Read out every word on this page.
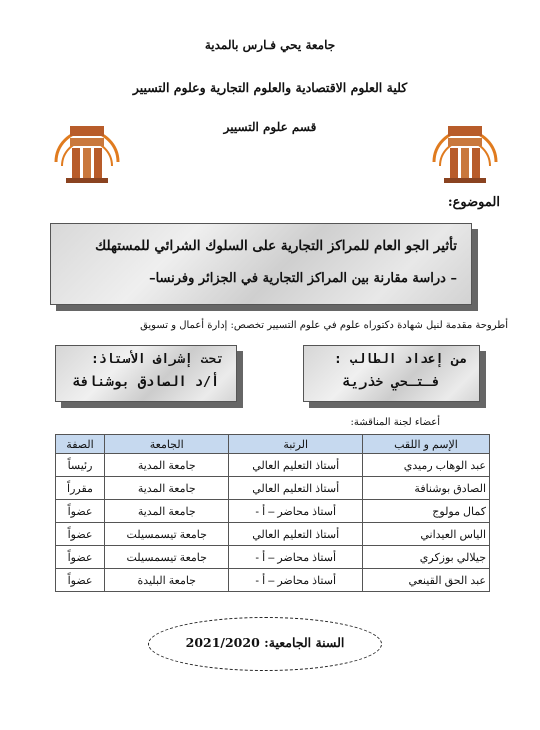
جامعة يحي فـارس بالمدية
كلية العلوم الاقتصادية والعلوم التجارية وعلوم التسيير
قسم علوم التسيير
الموضوع:
تأثير الجو العام للمراكز التجارية على السلوك الشرائي للمستهلك
– دراسة مقارنة بين المراكز التجارية في الجزائر وفرنسا–
أطروحة مقدمة لنيل شهادة دكتوراه علوم في علوم التسيير تخصص: إدارة أعمال و تسويق
من إعداد الطالب :
فـتـحي خذرية
تحت إشراف الأستاذ:
أ/د الصادق بوشنافة
أعضاء لجنة المناقشة:
الإسم و اللقب	الرتبة	الجامعة	الصفة
عبد الوهاب رميدي	أستاذ التعليم العالي	جامعة المدية	رئيساً
الصادق بوشنافة	أستاذ التعليم العالي	جامعة المدية	مقرراً
كمال مولوج	أستاذ محاضر – أ -	جامعة المدية	عضواً
الياس العيداني	أستاذ التعليم العالي	جامعة تيسمسيلت	عضواً
جيلالي بوزكري	أستاذ محاضر – أ -	جامعة تيسمسيلت	عضواً
عبد الحق القينعي	أستاذ محاضر – أ -	جامعة البليدة	عضواً
السنة الجامعية: 2021/2020
